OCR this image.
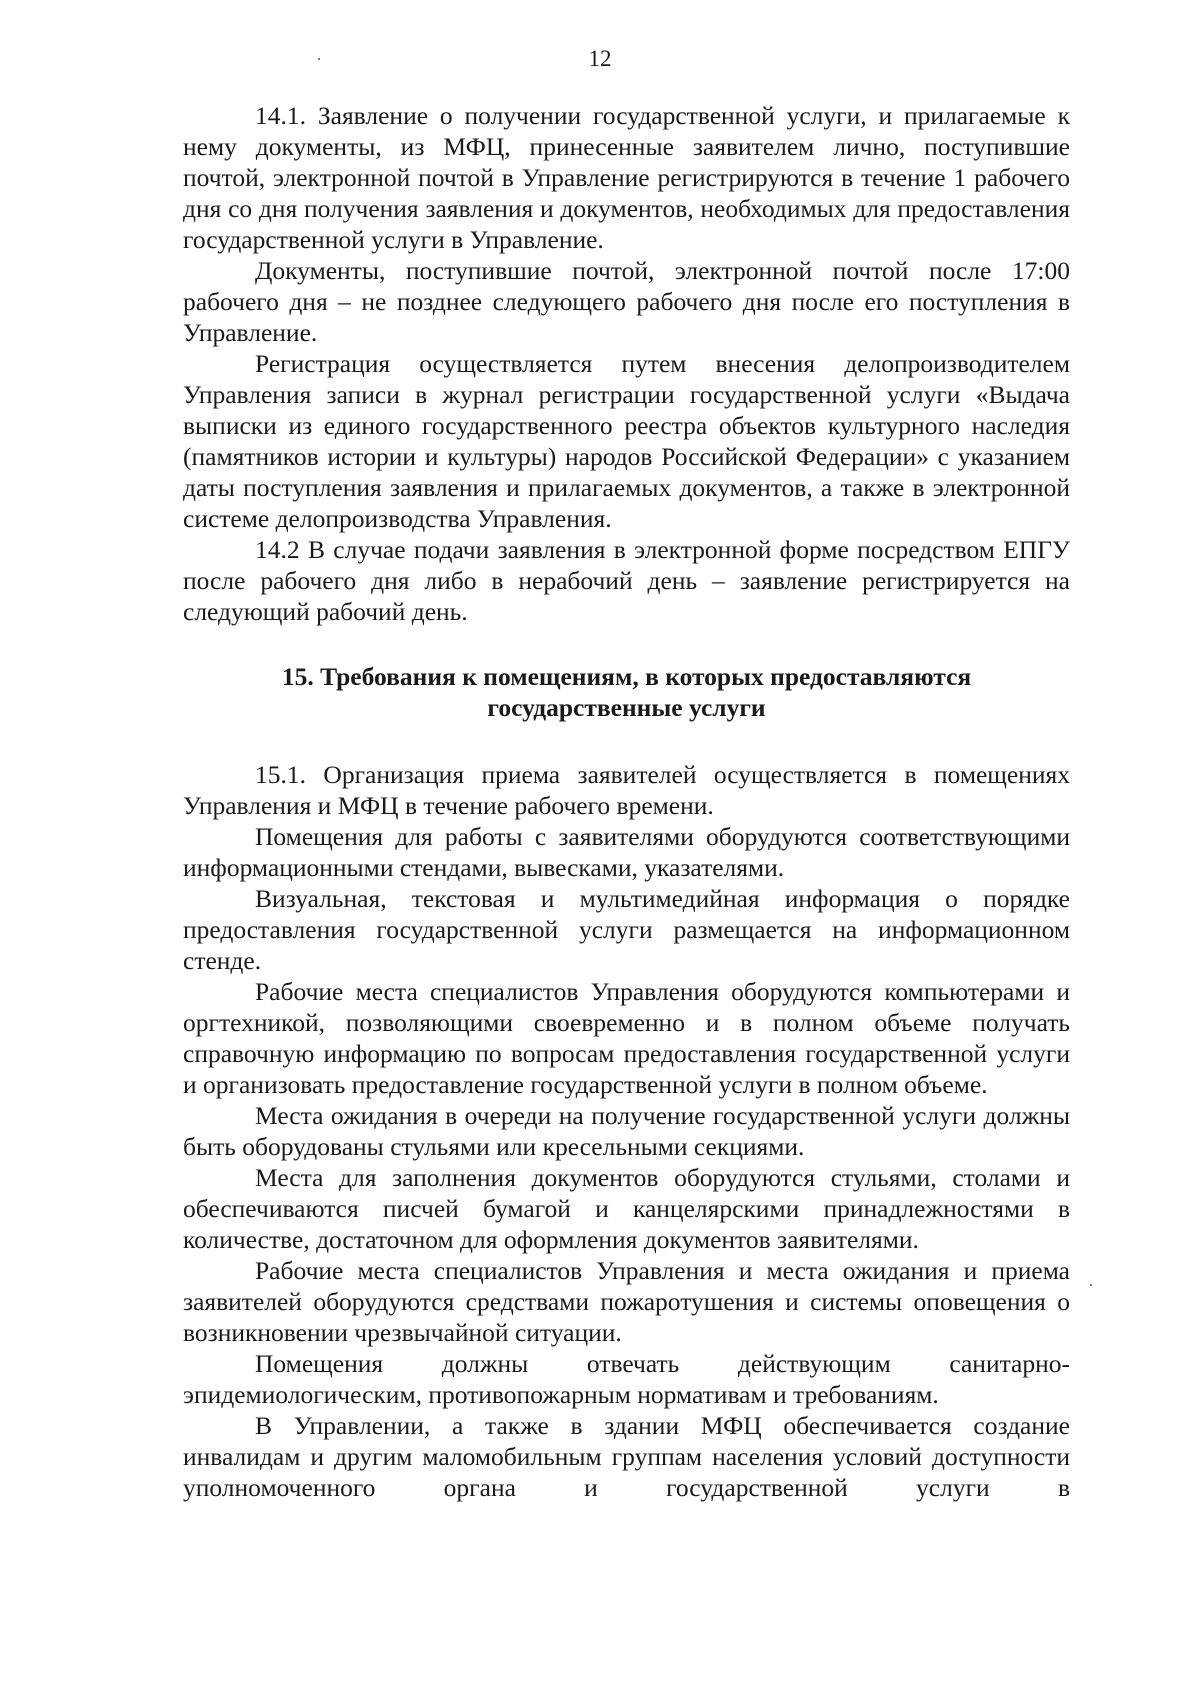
12

14.1. Заявление о получении государственной услуги, и прилагаемые к нему документы, из МФЦ, принесенные заявителем лично, поступившие почтой, электронной почтой в Управление регистрируются в течение 1 рабочего дня со дня получения заявления и документов, необходимых для предоставления государственной услуги в Управление.

Документы, поступившие почтой, электронной почтой после 17:00 рабочего дня – не позднее следующего рабочего дня после его поступления в Управление.

Регистрация осуществляется путем внесения делопроизводителем Управления записи в журнал регистрации государственной услуги «Выдача выписки из единого государственного реестра объектов культурного наследия (памятников истории и культуры) народов Российской Федерации» с указанием даты поступления заявления и прилагаемых документов, а также в электронной системе делопроизводства Управления.

14.2 В случае подачи заявления в электронной форме посредством ЕПГУ после рабочего дня либо в нерабочий день – заявление регистрируется на следующий рабочий день.

15. Требования к помещениям, в которых предоставляются государственные услуги

15.1. Организация приема заявителей осуществляется в помещениях Управления и МФЦ в течение рабочего времени.

Помещения для работы с заявителями оборудуются соответствующими информационными стендами, вывесками, указателями.

Визуальная, текстовая и мультимедийная информация о порядке предоставления государственной услуги размещается на информационном стенде.

Рабочие места специалистов Управления оборудуются компьютерами и оргтехникой, позволяющими своевременно и в полном объеме получать справочную информацию по вопросам предоставления государственной услуги и организовать предоставление государственной услуги в полном объеме.

Места ожидания в очереди на получение государственной услуги должны быть оборудованы стульями или кресельными секциями.

Места для заполнения документов оборудуются стульями, столами и обеспечиваются писчей бумагой и канцелярскими принадлежностями в количестве, достаточном для оформления документов заявителями.

Рабочие места специалистов Управления и места ожидания и приема заявителей оборудуются средствами пожаротушения и системы оповещения о возникновении чрезвычайной ситуации.

Помещения должны отвечать действующим санитарно-эпидемиологическим, противопожарным нормативам и требованиям.

В Управлении, а также в здании МФЦ обеспечивается создание инвалидам и другим маломобильным группам населения условий доступности уполномоченного органа и государственной услуги в
